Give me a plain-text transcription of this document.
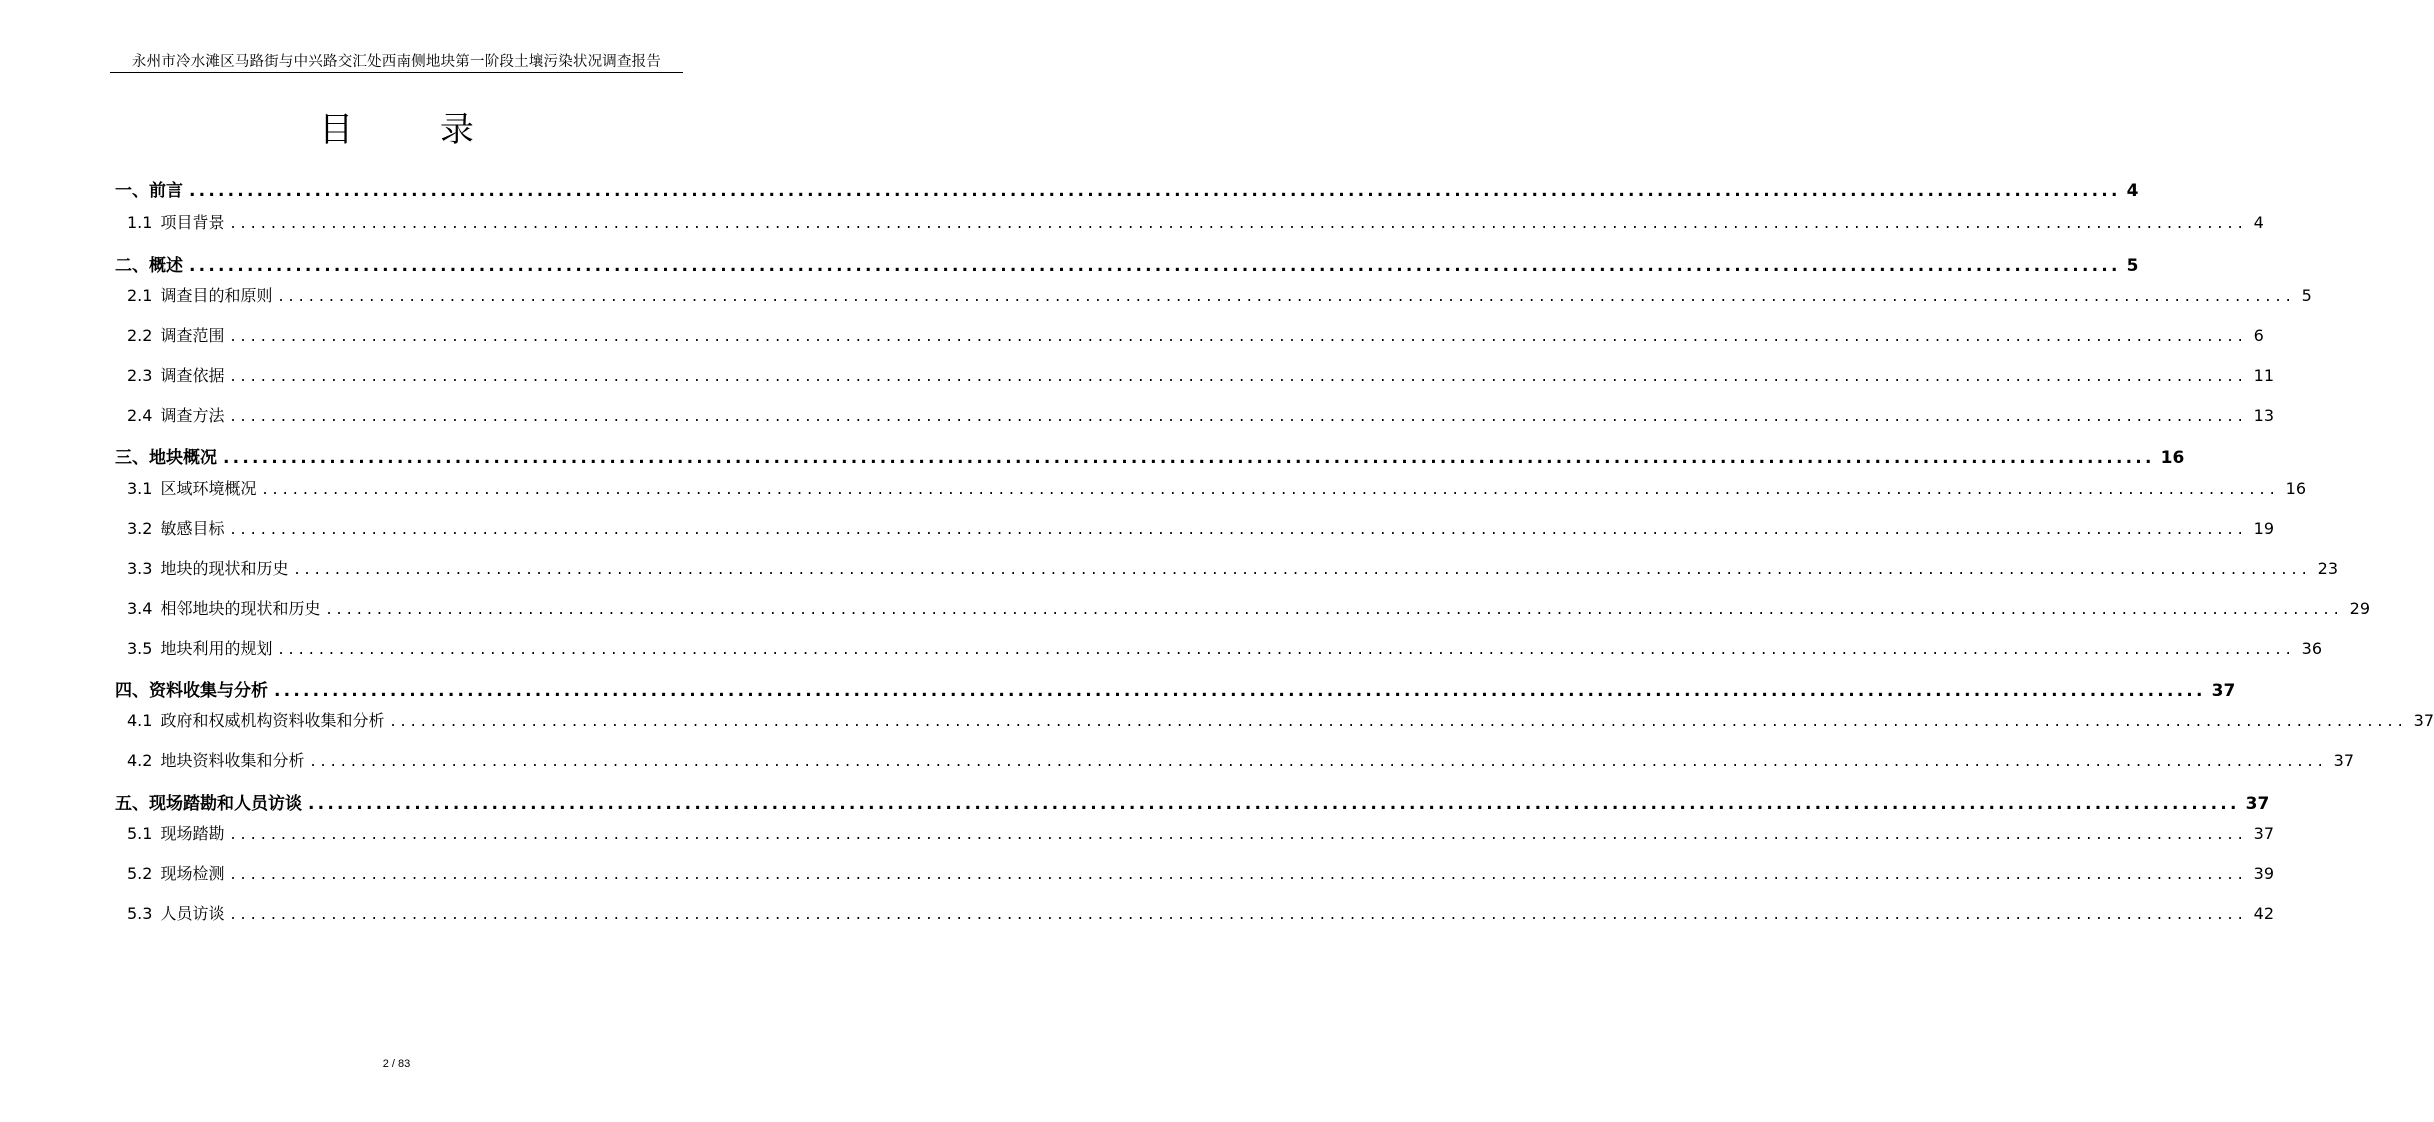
永州市冷水滩区马路街与中兴路交汇处西南侧地块第一阶段土壤污染状况调查报告
目 录
一、 前言 ........................................................................................................................................................................................................ 4
1.1 项目背景 ........................................................................................................................................................................................................ 4
二、 概述 ........................................................................................................................................................................................................ 5
2.1 调查目的和原则 ........................................................................................................................................................................................................ 5
2.2 调查范围 ........................................................................................................................................................................................................ 6
2.3 调查依据 ........................................................................................................................................................................................................ 11
2.4 调查方法 ........................................................................................................................................................................................................ 13
三、 地块概况 ........................................................................................................................................................................................................ 16
3.1 区域环境概况 ........................................................................................................................................................................................................ 16
3.2 敏感目标 ........................................................................................................................................................................................................ 19
3.3 地块的现状和历史 ........................................................................................................................................................................................................ 23
3.4 相邻地块的现状和历史 ........................................................................................................................................................................................................ 29
3.5 地块利用的规划 ........................................................................................................................................................................................................ 36
四、 资料收集与分析 ........................................................................................................................................................................................................ 37
4.1 政府和权威机构资料收集和分析 ........................................................................................................................................................................................................ 37
4.2 地块资料收集和分析 ........................................................................................................................................................................................................ 37
五、 现场踏勘和人员访谈 ........................................................................................................................................................................................................ 37
5.1 现场踏勘 ........................................................................................................................................................................................................ 37
5.2 现场检测 ........................................................................................................................................................................................................ 39
5.3 人员访谈 ........................................................................................................................................................................................................ 42
2 / 83
